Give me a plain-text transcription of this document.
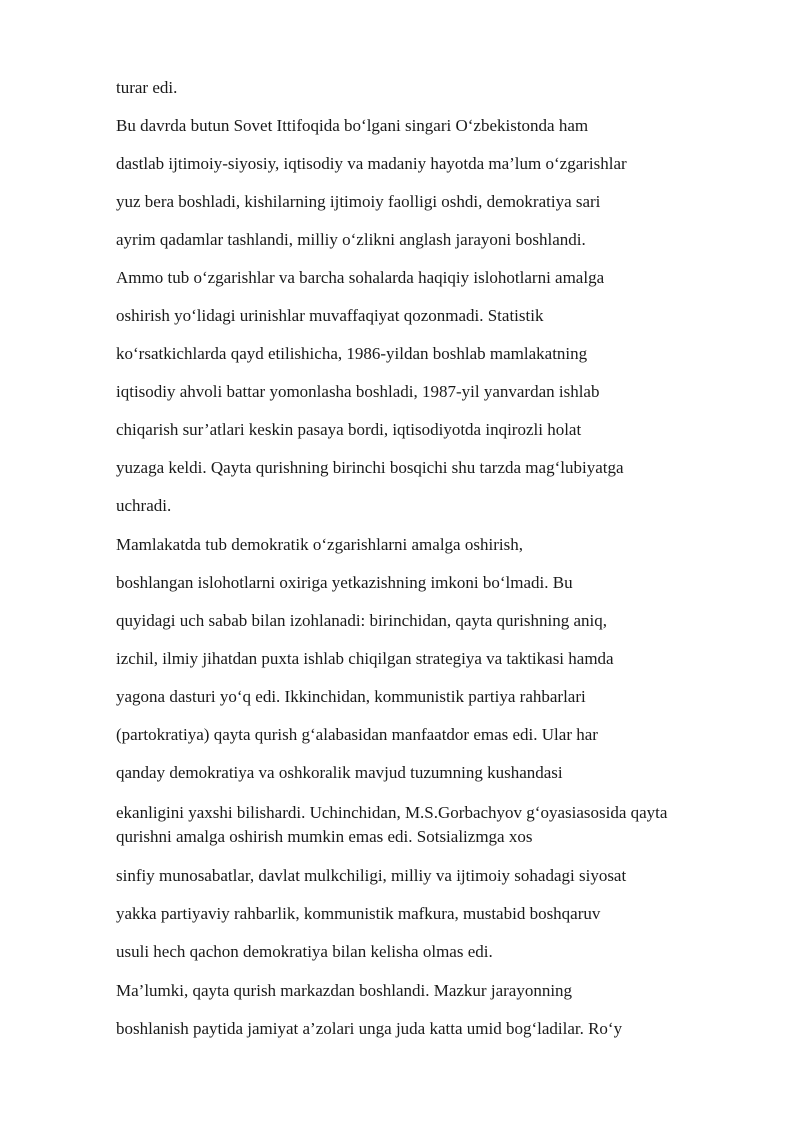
turar edi.

Bu davrda butun Sovet Ittifoqida bo‘lgani singari O‘zbekistonda ham

dastlab ijtimoiy-siyosiy, iqtisodiy va madaniy hayotda ma’lum o‘zgarishlar

yuz bera boshladi, kishilarning ijtimoiy faolligi oshdi, demokratiya sari

ayrim qadamlar tashlandi, milliy o‘zlikni anglash jarayoni boshlandi.

Ammo tub o‘zgarishlar va barcha sohalarda haqiqiy islohotlarni amalga

oshirish yo‘lidagi urinishlar muvaffaqiyat qozonmadi. Statistik

ko‘rsatkichlarda qayd etilishicha, 1986-yildan boshlab mamlakatning

iqtisodiy ahvoli battar yomonlasha boshladi, 1987-yil yanvardan ishlab

chiqarish sur’atlari keskin pasaya bordi, iqtisodiyotda inqirozli holat

yuzaga keldi. Qayta qurishning birinchi bosqichi shu tarzda mag‘lubiyatga

uchradi.

Mamlakatda tub demokratik o‘zgarishlarni amalga oshirish,

boshlangan islohotlarni oxiriga yetkazishning imkoni bo‘lmadi. Bu

quyidagi uch sabab bilan izohlanadi: birinchidan, qayta qurishning aniq,

izchil, ilmiy jihatdan puxta ishlab chiqilgan strategiya va taktikasi hamda

yagona dasturi yo‘q edi. Ikkinchidan, kommunistik partiya rahbarlari

(partokratiya) qayta qurish g‘alabasidan manfaatdor emas edi. Ular har

qanday demokratiya va oshkoralik mavjud tuzumning kushandasi

ekanligini yaxshi bilishardi. Uchinchidan, M.S.Gorbachyov g‘oyasiasosida qayta

qurishni amalga oshirish mumkin emas edi. Sotsializmga xos

sinfiy munosabatlar, davlat mulkchiligi, milliy va ijtimoiy sohadagi siyosat

yakka partiyaviy rahbarlik, kommunistik mafkura, mustabid boshqaruv

usuli hech qachon demokratiya bilan kelisha olmas edi.

Ma’lumki, qayta qurish markazdan boshlandi. Mazkur jarayonning

boshlanish paytida jamiyat a’zolari unga juda katta umid bog‘ladilar. Ro‘y
